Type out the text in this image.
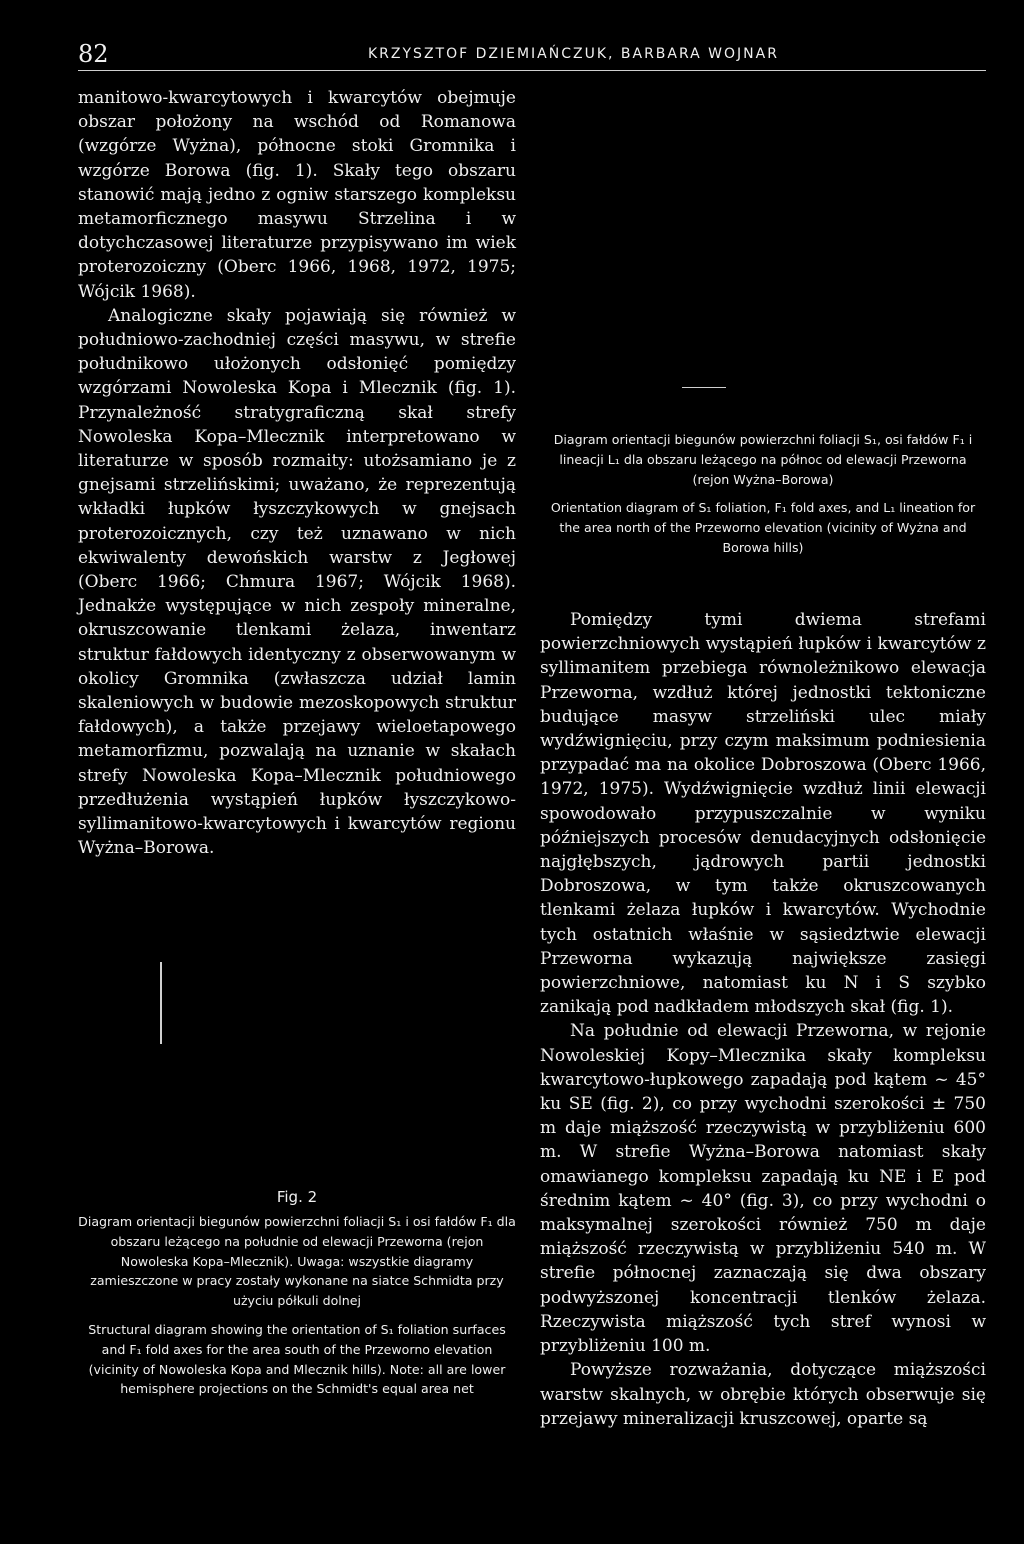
82	KRZYSZTOF DZIEMIAŃCZUK, BARBARA WOJNAR

manitowo-kwarcytowych i kwarcytów obejmuje obszar położony na wschód od Romanowa (wzgórze Wyżna), północne stoki Gromnika i wzgórze Borowa (fig. 1). Skały tego obszaru stanowić mają jedno z ogniw starszego kompleksu metamorficznego masywu Strzelina i w dotychczasowej literaturze przypisywano im wiek proterozoiczny (Oberc 1966, 1968, 1972, 1975; Wójcik 1968).

Analogiczne skały pojawiają się również w południowo-zachodniej części masywu, w strefie południkowo ułożonych odsłonięć pomiędzy wzgórzami Nowoleska Kopa i Mlecznik (fig. 1). Przynależność stratygraficzną skał strefy Nowoleska Kopa–Mlecznik interpretowano w literaturze w sposób rozmaity: utożsamiano je z gnejsami strzelińskimi; uważano, że reprezentują wkładki łupków łyszczykowych w gnejsach proterozoicznych, czy też uznawano w nich ekwiwalenty dewońskich warstw z Jegłowej (Oberc 1966; Chmura 1967; Wójcik 1968). Jednakże występujące w nich zespoły mineralne, okruszcowanie tlenkami żelaza, inwentarz struktur fałdowych identyczny z obserwowanym w okolicy Gromnika (zwłaszcza udział lamin skaleniowych w budowie mezoskopowych struktur fałdowych), a także przejawy wieloetapowego metamorfizmu, pozwalają na uznanie w skałach strefy Nowoleska Kopa–Mlecznik południowego przedłużenia wystąpień łupków łyszczykowo-syllimanitowo-kwarcytowych i kwarcytów regionu Wyżna–Borowa.

Diagram orientacji biegunów powierzchni foliacji S₁, osi fałdów F₁ i lineacji L₁ dla obszaru leżącego na północ od elewacji Przeworna (rejon Wyżna–Borowa)

Orientation diagram of S₁ foliation, F₁ fold axes, and L₁ lineation for the area north of the Przeworno elevation (vicinity of Wyżna and Borowa hills)

Fig. 2

Diagram orientacji biegunów powierzchni foliacji S₁ i osi fałdów F₁ dla obszaru leżącego na południe od elewacji Przeworna (rejon Nowoleska Kopa–Mlecznik). Uwaga: wszystkie diagramy zamieszczone w pracy zostały wykonane na siatce Schmidta przy użyciu półkuli dolnej

Structural diagram showing the orientation of S₁ foliation surfaces and F₁ fold axes for the area south of the Przeworno elevation (vicinity of Nowoleska Kopa and Mlecznik hills). Note: all are lower hemisphere projections on the Schmidt's equal area net

Pomiędzy tymi dwiema strefami powierzchniowych wystąpień łupków i kwarcytów z syllimanitem przebiega równoleżnikowo elewacja Przeworna, wzdłuż której jednostki tektoniczne budujące masyw strzeliński ulec miały wydźwignięciu, przy czym maksimum podniesienia przypadać ma na okolice Dobroszowa (Oberc 1966, 1972, 1975). Wydźwignięcie wzdłuż linii elewacji spowodowało przypuszczalnie w wyniku późniejszych procesów denudacyjnych odsłonięcie najgłębszych, jądrowych partii jednostki Dobroszowa, w tym także okruszcowanych tlenkami żelaza łupków i kwarcytów. Wychodnie tych ostatnich właśnie w sąsiedztwie elewacji Przeworna wykazują największe zasięgi powierzchniowe, natomiast ku N i S szybko zanikają pod nadkładem młodszych skał (fig. 1).

Na południe od elewacji Przeworna, w rejonie Nowoleskiej Kopy–Mlecznika skały kompleksu kwarcytowo-łupkowego zapadają pod kątem ~ 45° ku SE (fig. 2), co przy wychodni szerokości ± 750 m daje miąższość rzeczywistą w przybliżeniu 600 m. W strefie Wyżna–Borowa natomiast skały omawianego kompleksu zapadają ku NE i E pod średnim kątem ~ 40° (fig. 3), co przy wychodni o maksymalnej szerokości również 750 m daje miąższość rzeczywistą w przybliżeniu 540 m. W strefie północnej zaznaczają się dwa obszary podwyższonej koncentracji tlenków żelaza. Rzeczywista miąższość tych stref wynosi w przybliżeniu 100 m.

Powyższe rozważania, dotyczące miąższości warstw skalnych, w obrębie których obserwuje się przejawy mineralizacji kruszcowej, oparte są
